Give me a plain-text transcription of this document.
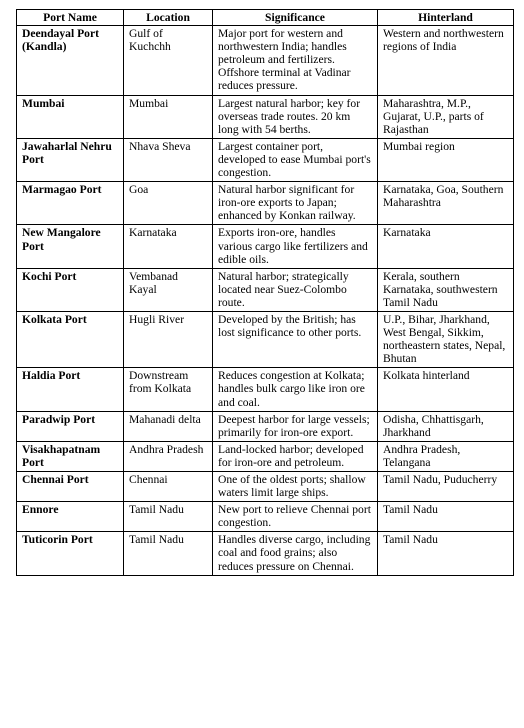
Port Name	Location	Significance	Hinterland
Deendayal Port (Kandla)	Gulf of Kuchchh	Major port for western and northwestern India; handles petroleum and fertilizers. Offshore terminal at Vadinar reduces pressure.	Western and northwestern regions of India
Mumbai	Mumbai	Largest natural harbor; key for overseas trade routes. 20 km long with 54 berths.	Maharashtra, M.P., Gujarat, U.P., parts of Rajasthan
Jawaharlal Nehru Port	Nhava Sheva	Largest container port, developed to ease Mumbai port's congestion.	Mumbai region
Marmagao Port	Goa	Natural harbor significant for iron-ore exports to Japan; enhanced by Konkan railway.	Karnataka, Goa, Southern Maharashtra
New Mangalore Port	Karnataka	Exports iron-ore, handles various cargo like fertilizers and edible oils.	Karnataka
Kochi Port	Vembanad Kayal	Natural harbor; strategically located near Suez-Colombo route.	Kerala, southern Karnataka, southwestern Tamil Nadu
Kolkata Port	Hugli River	Developed by the British; has lost significance to other ports.	U.P., Bihar, Jharkhand, West Bengal, Sikkim, northeastern states, Nepal, Bhutan
Haldia Port	Downstream from Kolkata	Reduces congestion at Kolkata; handles bulk cargo like iron ore and coal.	Kolkata hinterland
Paradwip Port	Mahanadi delta	Deepest harbor for large vessels; primarily for iron-ore export.	Odisha, Chhattisgarh, Jharkhand
Visakhapatnam Port	Andhra Pradesh	Land-locked harbor; developed for iron-ore and petroleum.	Andhra Pradesh, Telangana
Chennai Port	Chennai	One of the oldest ports; shallow waters limit large ships.	Tamil Nadu, Puducherry
Ennore	Tamil Nadu	New port to relieve Chennai port congestion.	Tamil Nadu
Tuticorin Port	Tamil Nadu	Handles diverse cargo, including coal and food grains; also reduces pressure on Chennai.	Tamil Nadu
